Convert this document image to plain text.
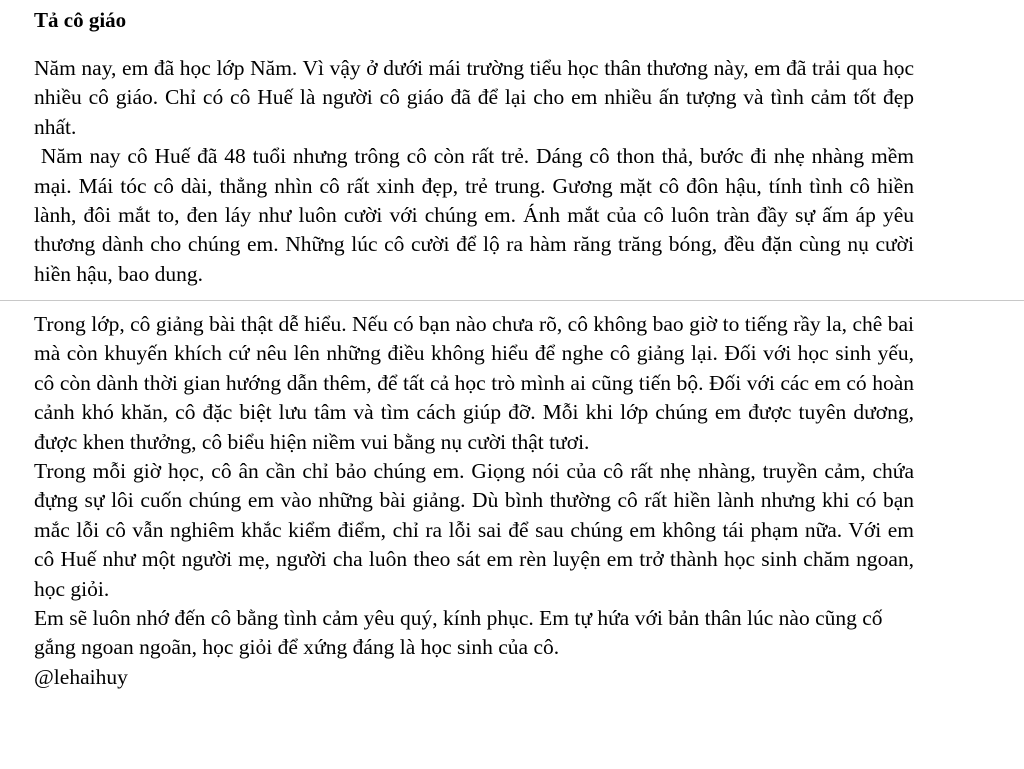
Tả cô giáo

Năm nay, em đã học lớp Năm. Vì vậy ở dưới mái trường tiểu học thân thương này, em đã trải qua học nhiều cô giáo. Chỉ có cô Huế là người cô giáo đã để lại cho em nhiều ấn tượng và tình cảm tốt đẹp nhất.

Năm nay cô Huế đã 48 tuổi nhưng trông cô còn rất trẻ. Dáng cô thon thả, bước đi nhẹ nhàng mềm mại. Mái tóc cô dài, thẳng nhìn cô rất xinh đẹp, trẻ trung. Gương mặt cô đôn hậu, tính tình cô hiền lành, đôi mắt to, đen láy như luôn cười với chúng em. Ánh mắt của cô luôn tràn đầy sự ấm áp yêu thương dành cho chúng em. Những lúc cô cười để lộ ra hàm răng trăng bóng, đều đặn cùng nụ cười hiền hậu, bao dung.

Trong lớp, cô giảng bài thật dễ hiểu. Nếu có bạn nào chưa rõ, cô không bao giờ to tiếng rầy la, chê bai mà còn khuyến khích cứ nêu lên những điều không hiểu để nghe cô giảng lại. Đối với học sinh yếu, cô còn dành thời gian hướng dẫn thêm, để tất cả học trò mình ai cũng tiến bộ. Đối với các em có hoàn cảnh khó khăn, cô đặc biệt lưu tâm và tìm cách giúp đỡ. Mỗi khi lớp chúng em được tuyên dương, được khen thưởng, cô biểu hiện niềm vui bằng nụ cười thật tươi.

Trong mỗi giờ học, cô ân cần chỉ bảo chúng em. Giọng nói của cô rất nhẹ nhàng, truyền cảm, chứa đựng sự lôi cuốn chúng em vào những bài giảng. Dù bình thường cô rất hiền lành nhưng khi có bạn mắc lỗi cô vẫn nghiêm khắc kiểm điểm, chỉ ra lỗi sai để sau chúng em không tái phạm nữa. Với em cô Huế như một người mẹ, người cha luôn theo sát em rèn luyện em trở thành học sinh chăm ngoan, học giỏi.

Em sẽ luôn nhớ đến cô bằng tình cảm yêu quý, kính phục. Em tự hứa với bản thân lúc nào cũng cố gắng ngoan ngoãn, học giỏi để xứng đáng là học sinh của cô.

@lehaihuy
